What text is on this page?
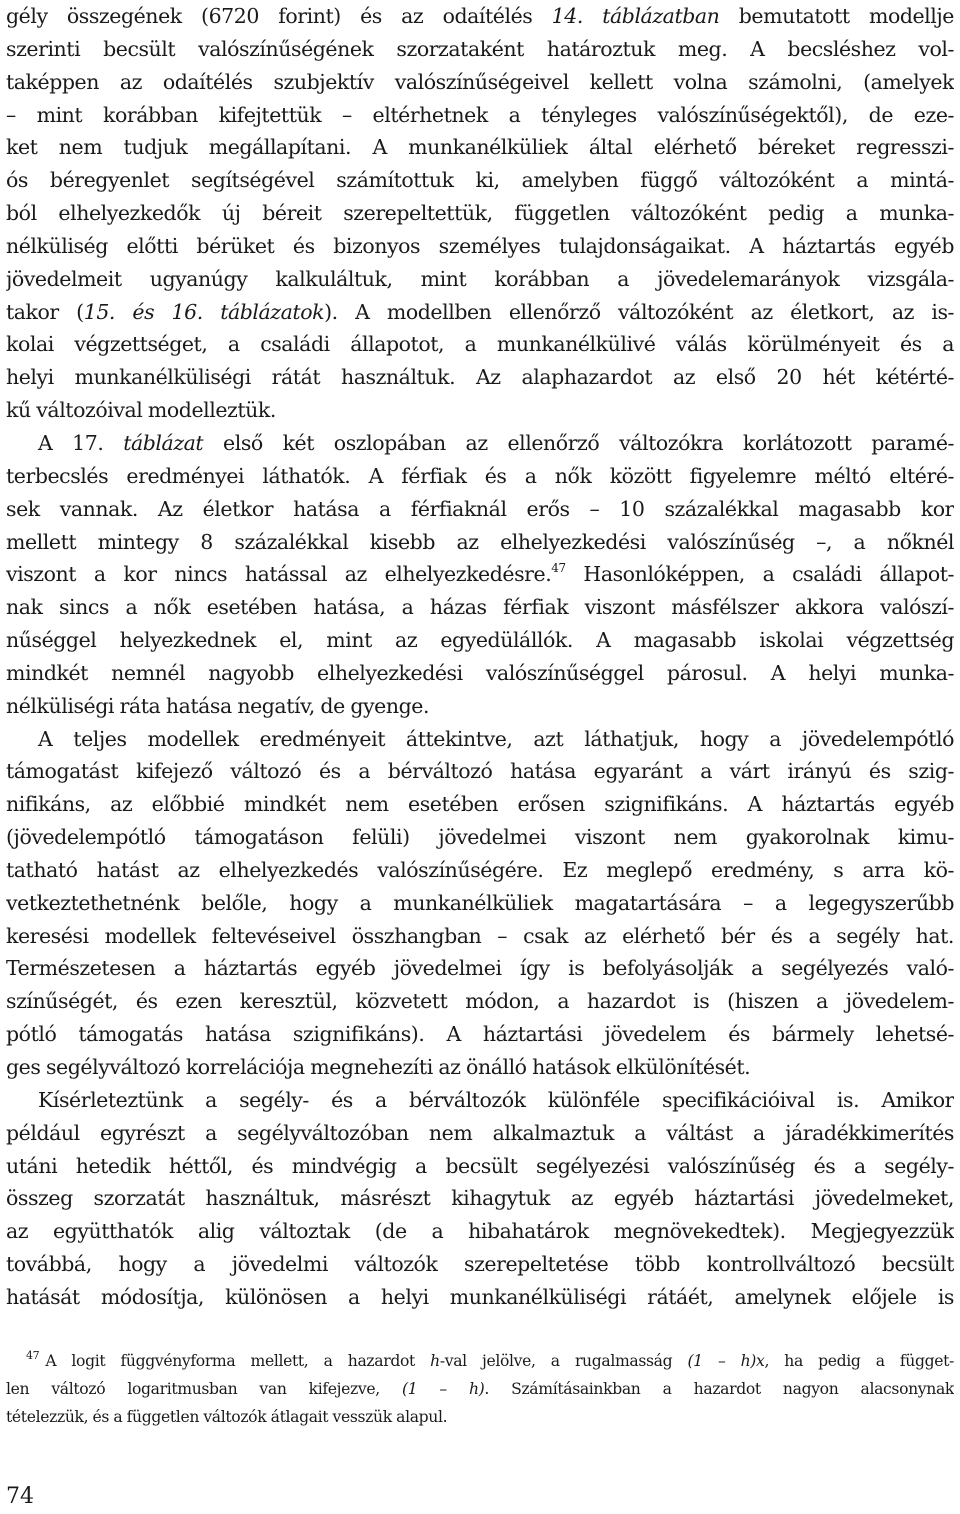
gély összegének (6720 forint) és az odaítélés 14. táblázatban bemutatott modellje
szerinti becsült valószínűségének szorzataként határoztuk meg. A becsléshez vol-
taképpen az odaítélés szubjektív valószínűségeivel kellett volna számolni, (amelyek
– mint korábban kifejtettük – eltérhetnek a tényleges valószínűségektől), de eze-
ket nem tudjuk megállapítani. A munkanélküliek által elérhető béreket regresszi-
ós béregyenlet segítségével számítottuk ki, amelyben függő változóként a mintá-
ból elhelyezkedők új béreit szerepeltettük, független változóként pedig a munka-
nélküliség előtti bérüket és bizonyos személyes tulajdonságaikat. A háztartás egyéb
jövedelmeit ugyanúgy kalkuláltuk, mint korábban a jövedelemarányok vizsgála-
takor (15. és 16. táblázatok). A modellben ellenőrző változóként az életkort, az is-
kolai végzettséget, a családi állapotot, a munkanélkülivé válás körülményeit és a
helyi munkanélküliségi rátát használtuk. Az alaphazardot az első 20 hét kétérté-
kű változóival modelleztük.
A 17. táblázat első két oszlopában az ellenőrző változókra korlátozott paramé-
terbecslés eredményei láthatók. A férfiak és a nők között figyelemre méltó eltéré-
sek vannak. Az életkor hatása a férfiaknál erős – 10 százalékkal magasabb kor
mellett mintegy 8 százalékkal kisebb az elhelyezkedési valószínűség –, a nőknél
viszont a kor nincs hatással az elhelyezkedésre.$^{47}$ Hasonlóképpen, a családi állapot-
nak sincs a nők esetében hatása, a házas férfiak viszont másfélszer akkora valószí-
nűséggel helyezkednek el, mint az egyedülállók. A magasabb iskolai végzettség
mindkét nemnél nagyobb elhelyezkedési valószínűséggel párosul. A helyi munka-
nélküliségi ráta hatása negatív, de gyenge.
A teljes modellek eredményeit áttekintve, azt láthatjuk, hogy a jövedelempótló
támogatást kifejező változó és a bérváltozó hatása egyaránt a várt irányú és szig-
nifikáns, az előbbié mindkét nem esetében erősen szignifikáns. A háztartás egyéb
(jövedelempótló támogatáson felüli) jövedelmei viszont nem gyakorolnak kimu-
tatható hatást az elhelyezkedés valószínűségére. Ez meglepő eredmény, s arra kö-
vetkeztethetnénk belőle, hogy a munkanélküliek magatartására – a legegyszerűbb
keresési modellek feltevéseivel összhangban – csak az elérhető bér és a segély hat.
Természetesen a háztartás egyéb jövedelmei így is befolyásolják a segélyezés való-
színűségét, és ezen keresztül, közvetett módon, a hazardot is (hiszen a jövedelem-
pótló támogatás hatása szignifikáns). A háztartási jövedelem és bármely lehetsé-
ges segélyváltozó korrelációja megnehezíti az önálló hatások elkülönítését.
Kísérleteztünk a segély- és a bérváltozók különféle specifikációival is. Amikor
például egyrészt a segélyváltozóban nem alkalmaztuk a váltást a járadékkimerítés
utáni hetedik héttől, és mindvégig a becsült segélyezési valószínűség és a segély-
összeg szorzatát használtuk, másrészt kihagytuk az egyéb háztartási jövedelmeket,
az együtthatók alig változtak (de a hibahatárok megnövekedtek). Megjegyezzük
továbbá, hogy a jövedelmi változók szerepeltetése több kontrollváltozó becsült
hatását módosítja, különösen a helyi munkanélküliségi rátáét, amelynek előjele is
$^{47}$ A logit függvényforma mellett, a hazardot h-val jelölve, a rugalmasság (1 – h)x, ha pedig a függet-
len változó logaritmusban van kifejezve, (1 – h). Számításainkban a hazardot nagyon alacsonynak
tételezzük, és a független változók átlagait vesszük alapul.
74
